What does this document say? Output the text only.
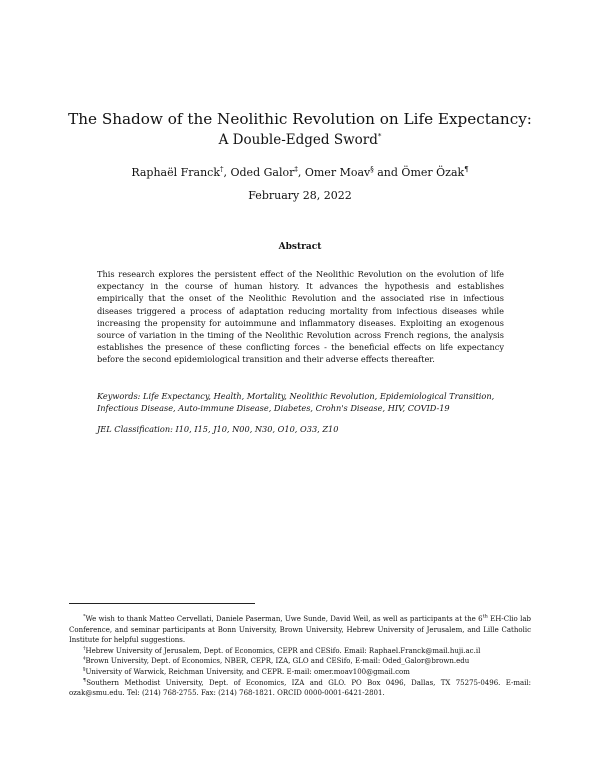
The Shadow of the Neolithic Revolution on Life Expectancy:
A Double-Edged Sword*
Raphaël Franck†, Oded Galor‡, Omer Moav§ and Ömer Özak¶
February 28, 2022
Abstract

This research explores the persistent effect of the Neolithic Revolution on the evolution of life expectancy in the course of human history. It advances the hypothesis and establishes empirically that the onset of the Neolithic Revolution and the associated rise in infectious diseases triggered a process of adaptation reducing mortality from infectious diseases while increasing the propensity for autoimmune and inflammatory diseases. Exploiting an exogenous source of variation in the timing of the Neolithic Revolution across French regions, the analysis establishes the presence of these conflicting forces - the beneficial effects on life expectancy before the second epidemiological transition and their adverse effects thereafter.

Keywords: Life Expectancy, Health, Mortality, Neolithic Revolution, Epidemiological Transition, Infectious Disease, Auto-immune Disease, Diabetes, Crohn's Disease, HIV, COVID-19

JEL Classification: I10, I15, J10, N00, N30, O10, O33, Z10

*We wish to thank Matteo Cervellati, Daniele Paserman, Uwe Sunde, David Weil, as well as participants at the 6th EH-Clio lab Conference, and seminar participants at Bonn University, Brown University, Hebrew University of Jerusalem, and Lille Catholic Institute for helpful suggestions.

†Hebrew University of Jerusalem, Dept. of Economics, CEPR and CESifo. Email: Raphael.Franck@mail.huji.ac.il

‡Brown University, Dept. of Economics, NBER, CEPR, IZA, GLO and CESifo, E-mail: Oded_Galor@brown.edu

§University of Warwick, Reichman University, and CEPR. E-mail: omer.moav100@gmail.com

¶Southern Methodist University, Dept. of Economics, IZA and GLO. PO Box 0496, Dallas, TX 75275-0496. E-mail: ozak@smu.edu. Tel: (214) 768-2755. Fax: (214) 768-1821. ORCID 0000-0001-6421-2801.
